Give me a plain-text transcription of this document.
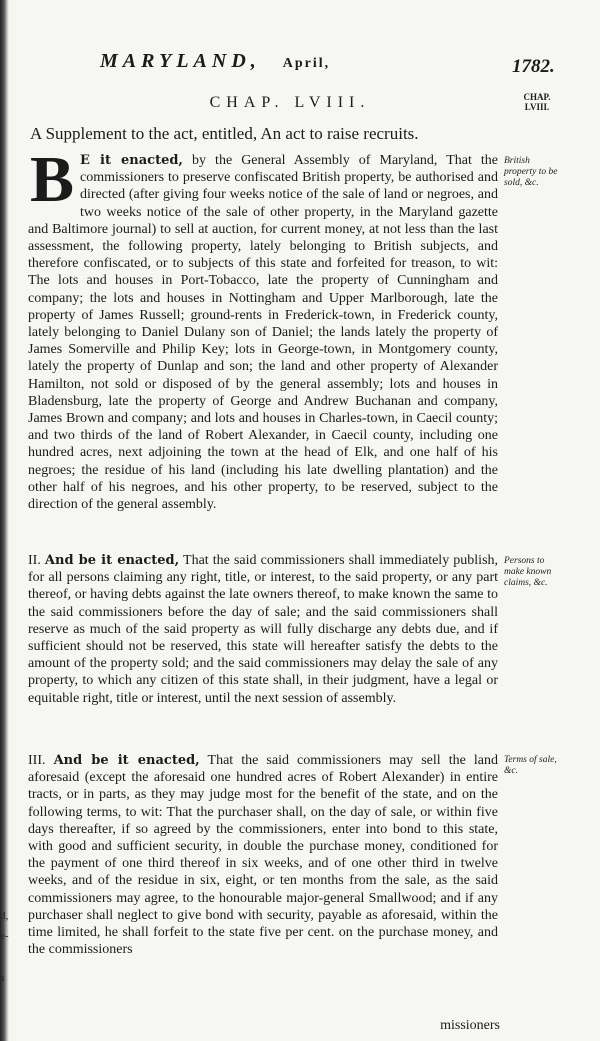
d,
e-
s
MARYLAND, April,	1782.
CHAP.
LVIII.
CHAP. LVIII.
A Supplement to the act, entitled, An act to raise recruits.
B E it enacted, by the General Assembly of Maryland, That the commissioners to preserve confiscated British property, be authorised and directed (after giving four weeks notice of the sale of land or negroes, and two weeks notice of the sale of other property, in the Maryland gazette and Baltimore journal) to sell at auction, for current money, at not less than the last assessment, the following property, lately belonging to British subjects, and therefore confiscated, or to subjects of this state and forfeited for treason, to wit: The lots and houses in Port-Tobacco, late the property of Cunningham and company; the lots and houses in Nottingham and Upper Marlborough, late the property of James Russell; ground-rents in Frederick-town, in Frederick county, lately belonging to Daniel Dulany son of Daniel; the lands lately the property of James Somerville and Philip Key; lots in George-town, in Montgomery county, lately the property of Dunlap and son; the land and other property of Alexander Hamilton, not sold or disposed of by the general assembly; lots and houses in Bladensburg, late the property of George and Andrew Buchanan and company, James Brown and company; and lots and houses in Charles-town, in Caecil county; and two thirds of the land of Robert Alexander, in Caecil county, including one hundred acres, next adjoining the town at the head of Elk, and one half of his negroes; the residue of his land (including his late dwelling plantation) and the other half of his negroes, and his other property, to be reserved, subject to the direction of the general assembly.
British property to be sold, &c.
II. And be it enacted, That the said commissioners shall immediately publish, for all persons claiming any right, title, or interest, to the said property, or any part thereof, or having debts against the late owners thereof, to make known the same to the said commissioners before the day of sale; and the said commissioners shall reserve as much of the said property as will fully discharge any debts due, and if sufficient should not be reserved, this state will hereafter satisfy the debts to the amount of the property sold; and the said commissioners may delay the sale of any property, to which any citizen of this state shall, in their judgment, have a legal or equitable right, title or interest, until the next session of assembly.
Persons to make known claims, &c.
III. And be it enacted, That the said commissioners may sell the land aforesaid (except the aforesaid one hundred acres of Robert Alexander) in entire tracts, or in parts, as they may judge most for the benefit of the state, and on the following terms, to wit: That the purchaser shall, on the day of sale, or within five days thereafter, if so agreed by the commissioners, enter into bond to this state, with good and sufficient security, in double the purchase money, conditioned for the payment of one third thereof in six weeks, and of one other third in twelve weeks, and of the residue in six, eight, or ten months from the sale, as the said commissioners may agree, to the honourable major-general Smallwood; and if any purchaser shall neglect to give bond with security, payable as aforesaid, within the time limited, he shall forfeit to the state five per cent. on the purchase money, and the commissioners
Terms of sale, &c.
missioners
